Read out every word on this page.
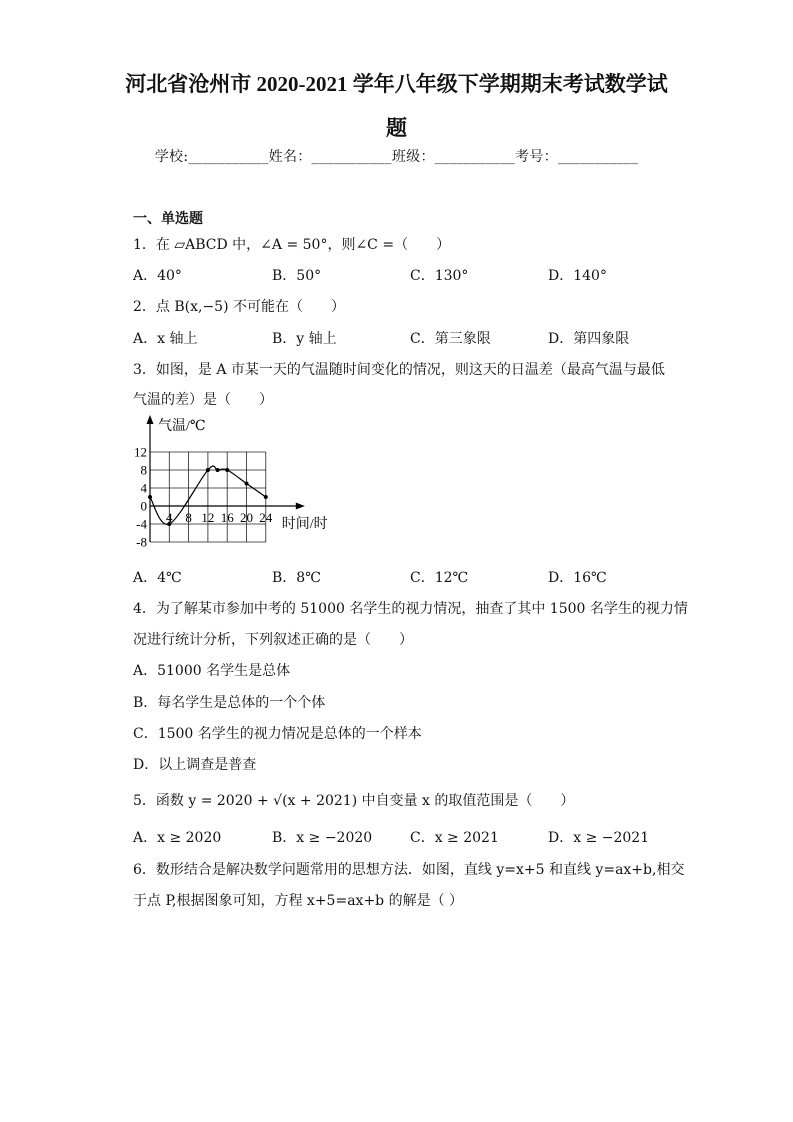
河北省沧州市 2020-2021 学年八年级下学期期末考试数学试
题
学校:___________姓名：___________班级：___________考号：___________
一、单选题
1．在 ▱ABCD 中，∠A = 50°，则∠C =（　　）
A．40°	B．50°	C．130°	D．140°
2．点 B(x,−5) 不可能在（　　）
A．x 轴上	B．y 轴上	C．第三象限	D．第四象限
3．如图，是 A 市某一天的气温随时间变化的情况，则这天的日温差（最高气温与最低
气温的差）是（　　）
12
8
4
0
-4
-8
4 8 12 16 20 24
气温/℃
时间/时
A．4℃	B．8℃	C．12℃	D．16℃
4．为了解某市参加中考的 51000 名学生的视力情况，抽查了其中 1500 名学生的视力情
况进行统计分析，下列叙述正确的是（　　）
A．51000 名学生是总体
B．每名学生是总体的一个个体
C．1500 名学生的视力情况是总体的一个样本
D．以上调查是普查
5．函数 y = 2020 + √(x + 2021) 中自变量 x 的取值范围是（　　）
A．x ≥ 2020	B．x ≥ −2020	C．x ≥ 2021	D．x ≥ −2021
6．数形结合是解决数学问题常用的思想方法．如图，直线 y=x+5 和直线 y=ax+b,相交
于点 P,根据图象可知，方程 x+5=ax+b 的解是（ ）
